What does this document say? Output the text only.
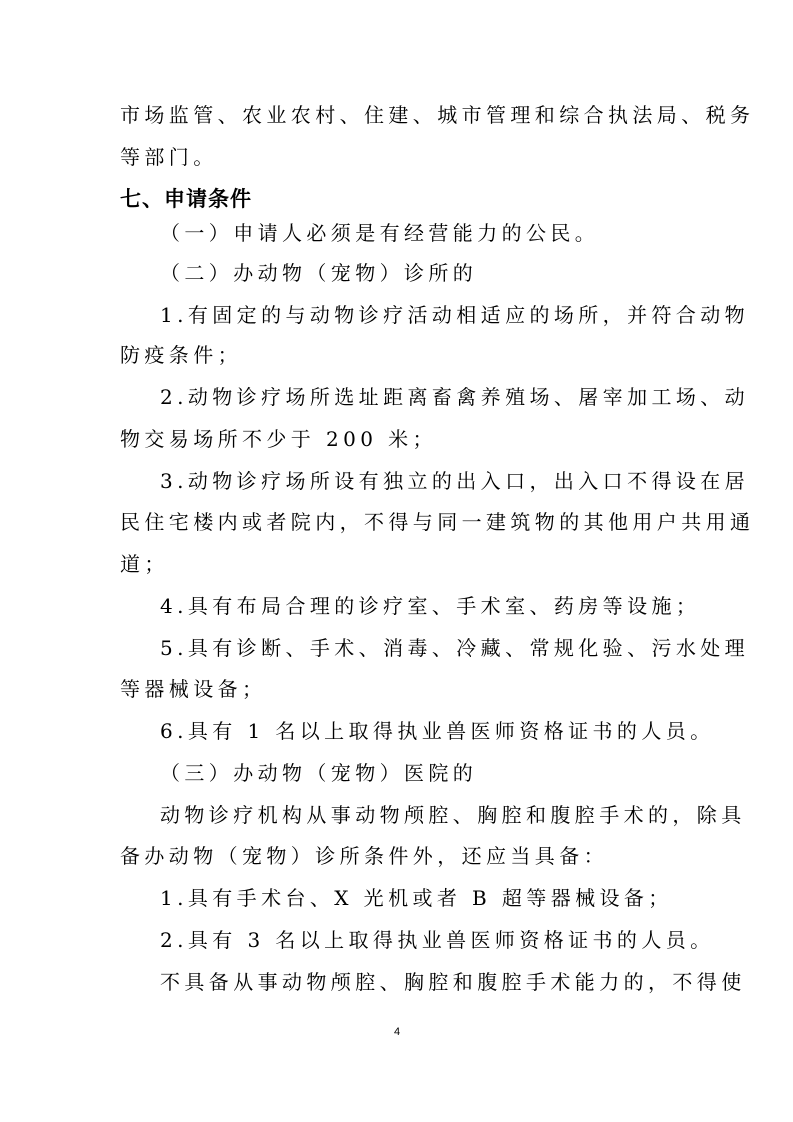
市场监管、农业农村、住建、城市管理和综合执法局、税务
等部门。
七、申请条件
（一）申请人必须是有经营能力的公民。
（二）办动物（宠物）诊所的
1.有固定的与动物诊疗活动相适应的场所，并符合动物
防疫条件；
2.动物诊疗场所选址距离畜禽养殖场、屠宰加工场、动
物交易场所不少于 200 米；
3.动物诊疗场所设有独立的出入口，出入口不得设在居
民住宅楼内或者院内，不得与同一建筑物的其他用户共用通
道；
4.具有布局合理的诊疗室、手术室、药房等设施；
5.具有诊断、手术、消毒、冷藏、常规化验、污水处理
等器械设备；
6.具有 1 名以上取得执业兽医师资格证书的人员。
（三）办动物（宠物）医院的
动物诊疗机构从事动物颅腔、胸腔和腹腔手术的，除具
备办动物（宠物）诊所条件外，还应当具备：
1.具有手术台、X 光机或者 B 超等器械设备；
2.具有 3 名以上取得执业兽医师资格证书的人员。
不具备从事动物颅腔、胸腔和腹腔手术能力的，不得使
4
